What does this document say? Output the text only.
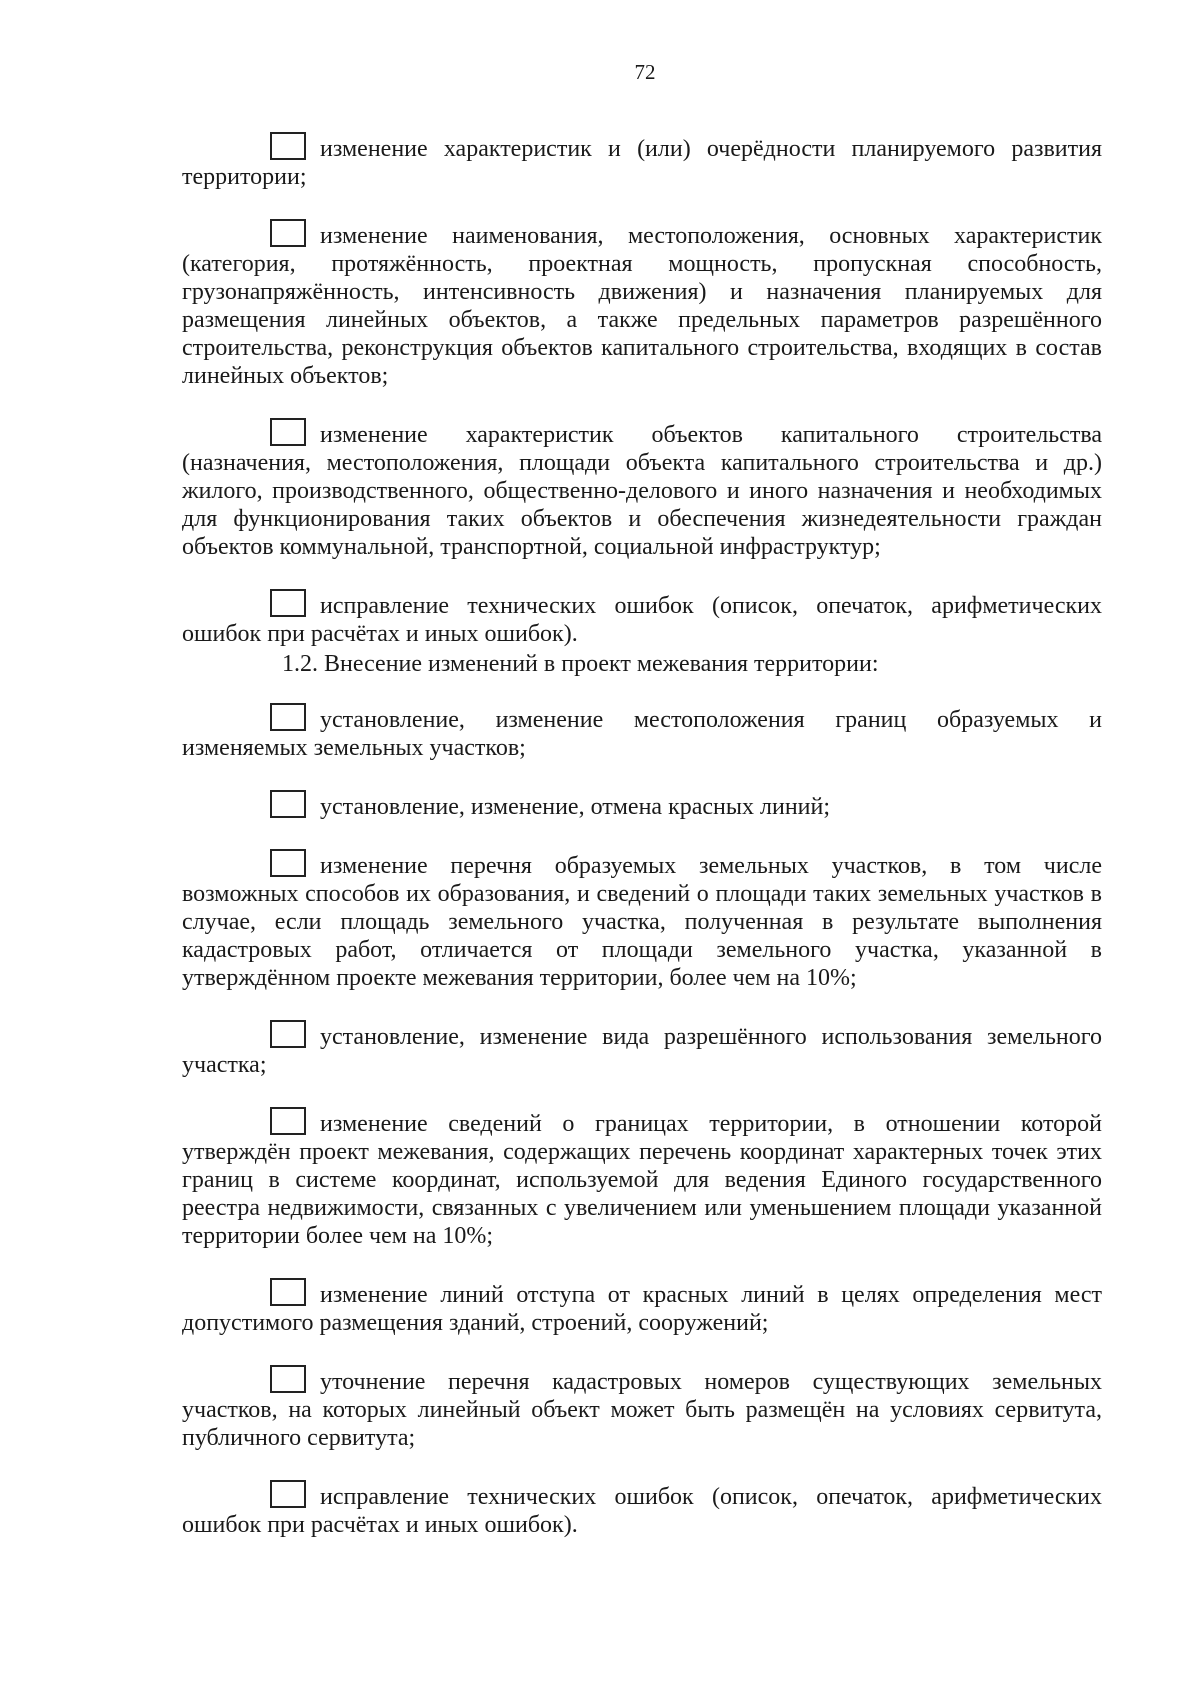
72
изменение характеристик и (или) очерёдности планируемого развития территории;
изменение наименования, местоположения, основных характеристик (категория, протяжённость, проектная мощность, пропускная способность, грузонапряжённость, интенсивность движения) и назначения планируемых для размещения линейных объектов, а также предельных параметров разрешённого строительства, реконструкция объектов капитального строительства, входящих в состав линейных объектов;
изменение характеристик объектов капитального строительства (назначения, местоположения, площади объекта капитального строительства и др.) жилого, производственного, общественно-делового и иного назначения и необходимых для функционирования таких объектов и обеспечения жизнедеятельности граждан объектов коммунальной, транспортной, социальной инфраструктур;
исправление технических ошибок (описок, опечаток, арифметических ошибок при расчётах и иных ошибок).
1.2. Внесение изменений в проект межевания территории:
установление, изменение местоположения границ образуемых и изменяемых земельных участков;
установление, изменение, отмена красных линий;
изменение перечня образуемых земельных участков, в том числе возможных способов их образования, и сведений о площади таких земельных участков в случае, если площадь земельного участка, полученная в результате выполнения кадастровых работ, отличается от площади земельного участка, указанной в утверждённом проекте межевания территории, более чем на 10%;
установление, изменение вида разрешённого использования земельного участка;
изменение сведений о границах территории, в отношении которой утверждён проект межевания, содержащих перечень координат характерных точек этих границ в системе координат, используемой для ведения Единого государственного реестра недвижимости, связанных с увеличением или уменьшением площади указанной территории более чем на 10%;
изменение линий отступа от красных линий в целях определения мест допустимого размещения зданий, строений, сооружений;
уточнение перечня кадастровых номеров существующих земельных участков, на которых линейный объект может быть размещён на условиях сервитута, публичного сервитута;
исправление технических ошибок (описок, опечаток, арифметических ошибок при расчётах и иных ошибок).
